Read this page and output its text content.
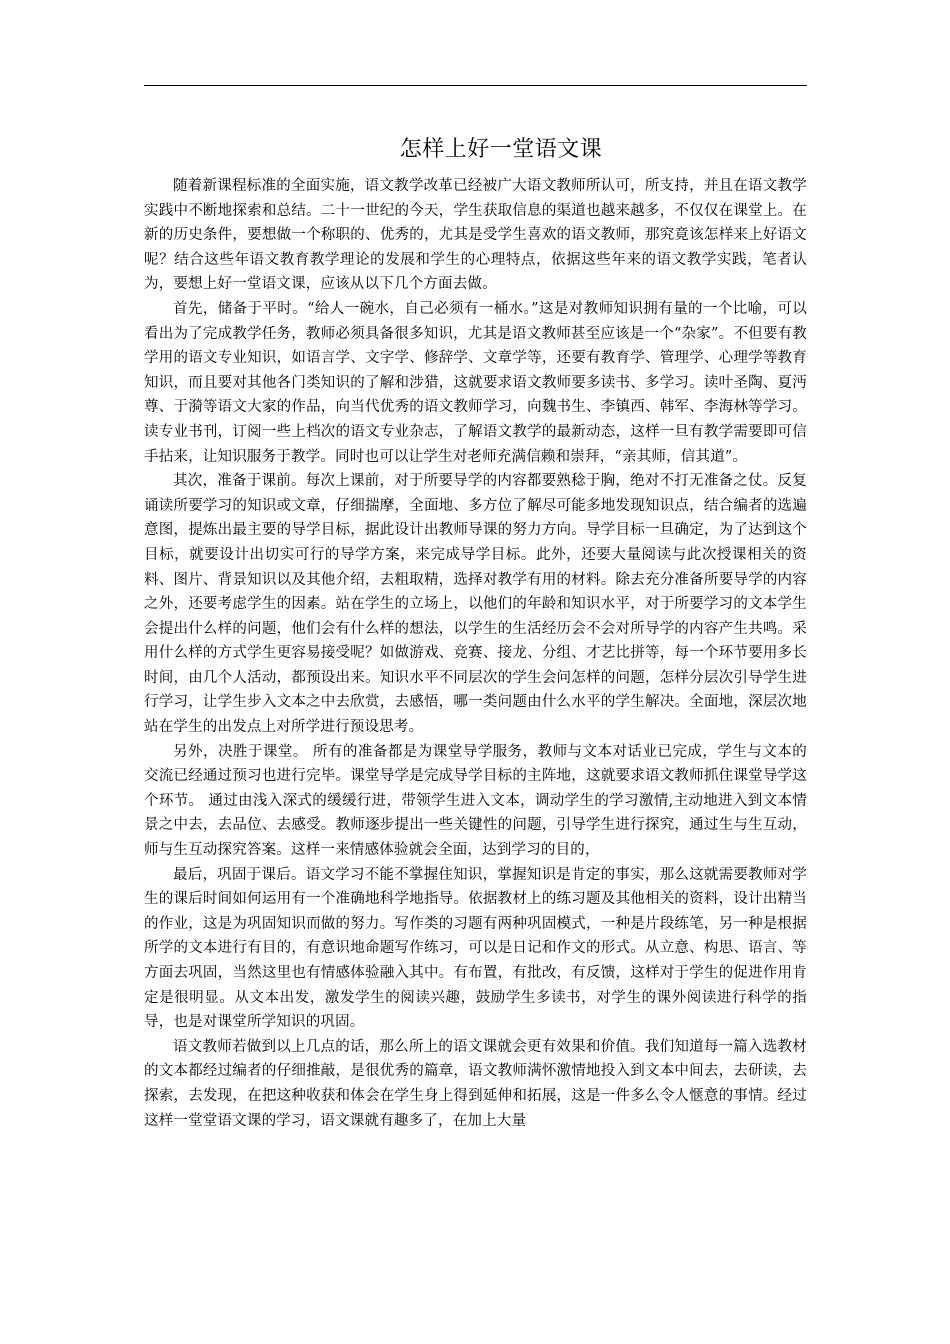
怎样上好一堂语文课

随着新课程标准的全面实施，语文教学改革已经被广大语文教师所认可，所支持，并且在语文教学实践中不断地探索和总结。二十一世纪的今天，学生获取信息的渠道也越来越多，不仅仅在课堂上。在新的历史条件，要想做一个称职的、优秀的，尤其是受学生喜欢的语文教师，那究竟该怎样来上好语文呢？结合这些年语文教育教学理论的发展和学生的心理特点，依据这些年来的语文教学实践，笔者认为，要想上好一堂语文课，应该从以下几个方面去做。

首先，储备于平时。“给人一碗水，自己必须有一桶水。”这是对教师知识拥有量的一个比喻，可以看出为了完成教学任务，教师必须具备很多知识，尤其是语文教师甚至应该是一个“杂家”。不但要有教学用的语文专业知识，如语言学、文字学、修辞学、文章学等，还要有教育学、管理学、心理学等教育知识，而且要对其他各门类知识的了解和涉猎，这就要求语文教师要多读书、多学习。读叶圣陶、夏沔尊、于漪等语文大家的作品，向当代优秀的语文教师学习，向魏书生、李镇西、韩军、李海林等学习。读专业书刊，订阅一些上档次的语文专业杂志，了解语文教学的最新动态，这样一旦有教学需要即可信手拈来，让知识服务于教学。同时也可以让学生对老师充满信赖和崇拜，“亲其师，信其道”。

其次，准备于课前。每次上课前，对于所要导学的内容都要熟稔于胸，绝对不打无准备之仗。反复诵读所要学习的知识或文章，仔细揣摩，全面地、多方位了解尽可能多地发现知识点，结合编者的选遍意图，提炼出最主要的导学目标，据此设计出教师导课的努力方向。导学目标一旦确定，为了达到这个目标，就要设计出切实可行的导学方案，来完成导学目标。此外，还要大量阅读与此次授课相关的资料、图片、背景知识以及其他介绍，去粗取精，选择对教学有用的材料。除去充分准备所要导学的内容之外，还要考虑学生的因素。站在学生的立场上，以他们的年龄和知识水平，对于所要学习的文本学生会提出什么样的问题，他们会有什么样的想法，以学生的生活经历会不会对所导学的内容产生共鸣。采用什么样的方式学生更容易接受呢？如做游戏、竞赛、接龙、分组、才艺比拼等，每一个环节要用多长时间，由几个人活动，都预设出来。知识水平不同层次的学生会问怎样的问题，怎样分层次引导学生进行学习，让学生步入文本之中去欣赏，去感悟，哪一类问题由什么水平的学生解决。全面地，深层次地站在学生的出发点上对所学进行预设思考。

另外，决胜于课堂。 所有的准备都是为课堂导学服务，教师与文本对话业已完成，学生与文本的交流已经通过预习也进行完毕。课堂导学是完成导学目标的主阵地，这就要求语文教师抓住课堂导学这个环节。 通过由浅入深式的缓缓行进，带领学生进入文本，调动学生的学习激情,主动地进入到文本情景之中去，去品位、去感受。教师逐步提出一些关键性的问题，引导学生进行探究，通过生与生互动，师与生互动探究答案。这样一来情感体验就会全面，达到学习的目的，

最后，巩固于课后。语文学习不能不掌握住知识，掌握知识是肯定的事实，那么这就需要教师对学生的课后时间如何运用有一个准确地科学地指导。依据教材上的练习题及其他相关的资料，设计出精当的作业，这是为巩固知识而做的努力。写作类的习题有两种巩固模式，一种是片段练笔，另一种是根据所学的文本进行有目的，有意识地命题写作练习，可以是日记和作文的形式。从立意、构思、语言、等方面去巩固，当然这里也有情感体验融入其中。有布置，有批改，有反馈，这样对于学生的促进作用肯定是很明显。从文本出发，激发学生的阅读兴趣，鼓励学生多读书，对学生的课外阅读进行科学的指导，也是对课堂所学知识的巩固。

语文教师若做到以上几点的话，那么所上的语文课就会更有效果和价值。我们知道每一篇入选教材的文本都经过编者的仔细推敲，是很优秀的篇章，语文教师满怀激情地投入到文本中间去，去研读，去探索，去发现，在把这种收获和体会在学生身上得到延伸和拓展，这是一件多么令人惬意的事情。经过这样一堂堂语文课的学习，语文课就有趣多了，在加上大量
